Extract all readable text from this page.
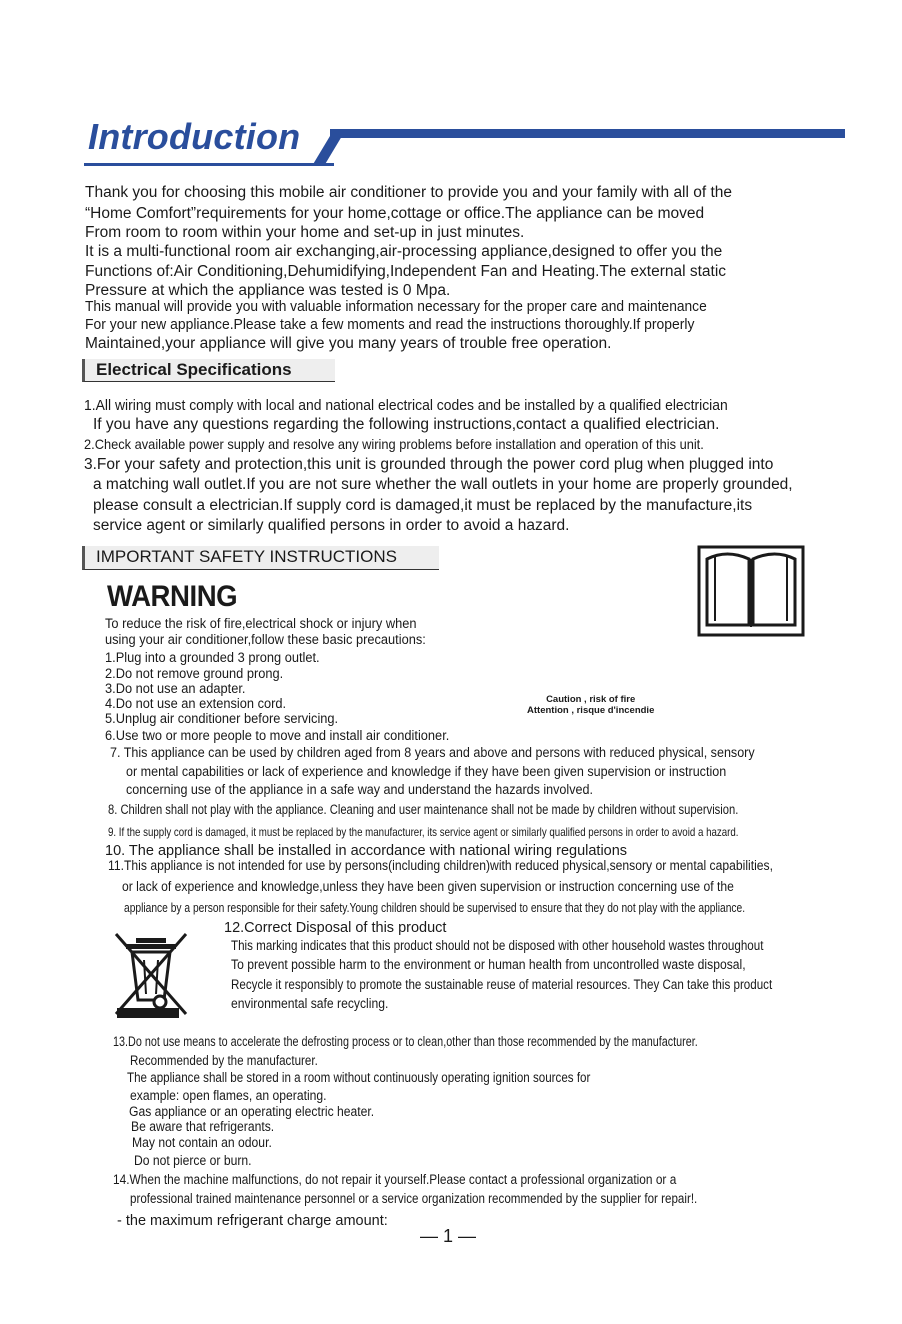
Introduction
Thank you for choosing this mobile air conditioner to provide you and your family with all of the
“Home Comfort”requirements for your home,cottage or office.The appliance can be moved
From room to room within your home and set-up in just minutes.
It is a multi-functional room air exchanging,air-processing appliance,designed to offer you the
Functions of:Air Conditioning,Dehumidifying,Independent Fan and Heating.The external static
Pressure at which the appliance was tested is 0 Mpa.
This manual will provide you with valuable information necessary for the proper care and maintenance
For your new appliance.Please take a few moments and read the instructions thoroughly.If properly
Maintained,your appliance will give you many years of trouble free operation.
Electrical Specifications
1.All wiring must comply with local and national electrical codes and be installed by a qualified electrician
If you have any questions regarding the following instructions,contact a qualified electrician.
2.Check available power supply and resolve any wiring problems before installation and operation of this unit.
3.For your safety and protection,this unit is grounded through the power cord plug when plugged into
a matching wall outlet.If you are not sure whether the wall outlets in your home are properly grounded,
please consult a electrician.If supply cord is damaged,it must be replaced by the manufacture,its
service agent or similarly qualified persons in order to avoid a hazard.
IMPORTANT SAFETY INSTRUCTIONS
WARNING
To reduce the risk of fire,electrical shock or injury when
using your air conditioner,follow these basic precautions:
1.Plug into a grounded 3 prong outlet.
2.Do not remove ground prong.
3.Do not use an adapter.
4.Do not use an extension cord.
5.Unplug air conditioner before servicing.
6.Use two or more people to move and install air conditioner.
Caution , risk of fire
Attention , risque d'incendie
7. This appliance can be used by children aged from 8 years and above and persons with reduced physical, sensory
or mental capabilities or lack of experience and knowledge if they have been given supervision or instruction
concerning use of the appliance in a safe way and understand the hazards involved.
8. Children shall not play with the appliance. Cleaning and user maintenance shall not be made by children without supervision.
9. If the supply cord is damaged, it must be replaced by the manufacturer, its service agent or similarly qualified persons in order to avoid a hazard.
10. The appliance shall be installed in accordance with national wiring regulations
11.This appliance is not intended for use by persons(including children)with reduced physical,sensory or mental capabilities,
or lack of experience and knowledge,unless they have been given supervision or instruction concerning use of the
appliance by a person responsible for their safety.Young children should be supervised to ensure that they do not play with the appliance.
12.Correct Disposal of this product
This marking indicates that this product should not be disposed with other household wastes throughout
To prevent possible harm to the environment or human health from uncontrolled waste disposal,
Recycle it responsibly to promote the sustainable reuse of material resources. They Can take this product
environmental safe recycling.
13.Do not use means to accelerate the defrosting process or to clean,other than those recommended by the manufacturer.
Recommended by the manufacturer.
The appliance shall be stored in a room without continuously operating ignition sources for
example: open flames, an operating.
Gas appliance or an operating electric heater.
Be aware that refrigerants.
May not contain an odour.
Do not pierce or burn.
14.When the machine malfunctions, do not repair it yourself.Please contact a professional organization or a
professional trained maintenance personnel or a service organization recommended by the supplier for repair!.
- the maximum refrigerant charge amount:
— 1 —
